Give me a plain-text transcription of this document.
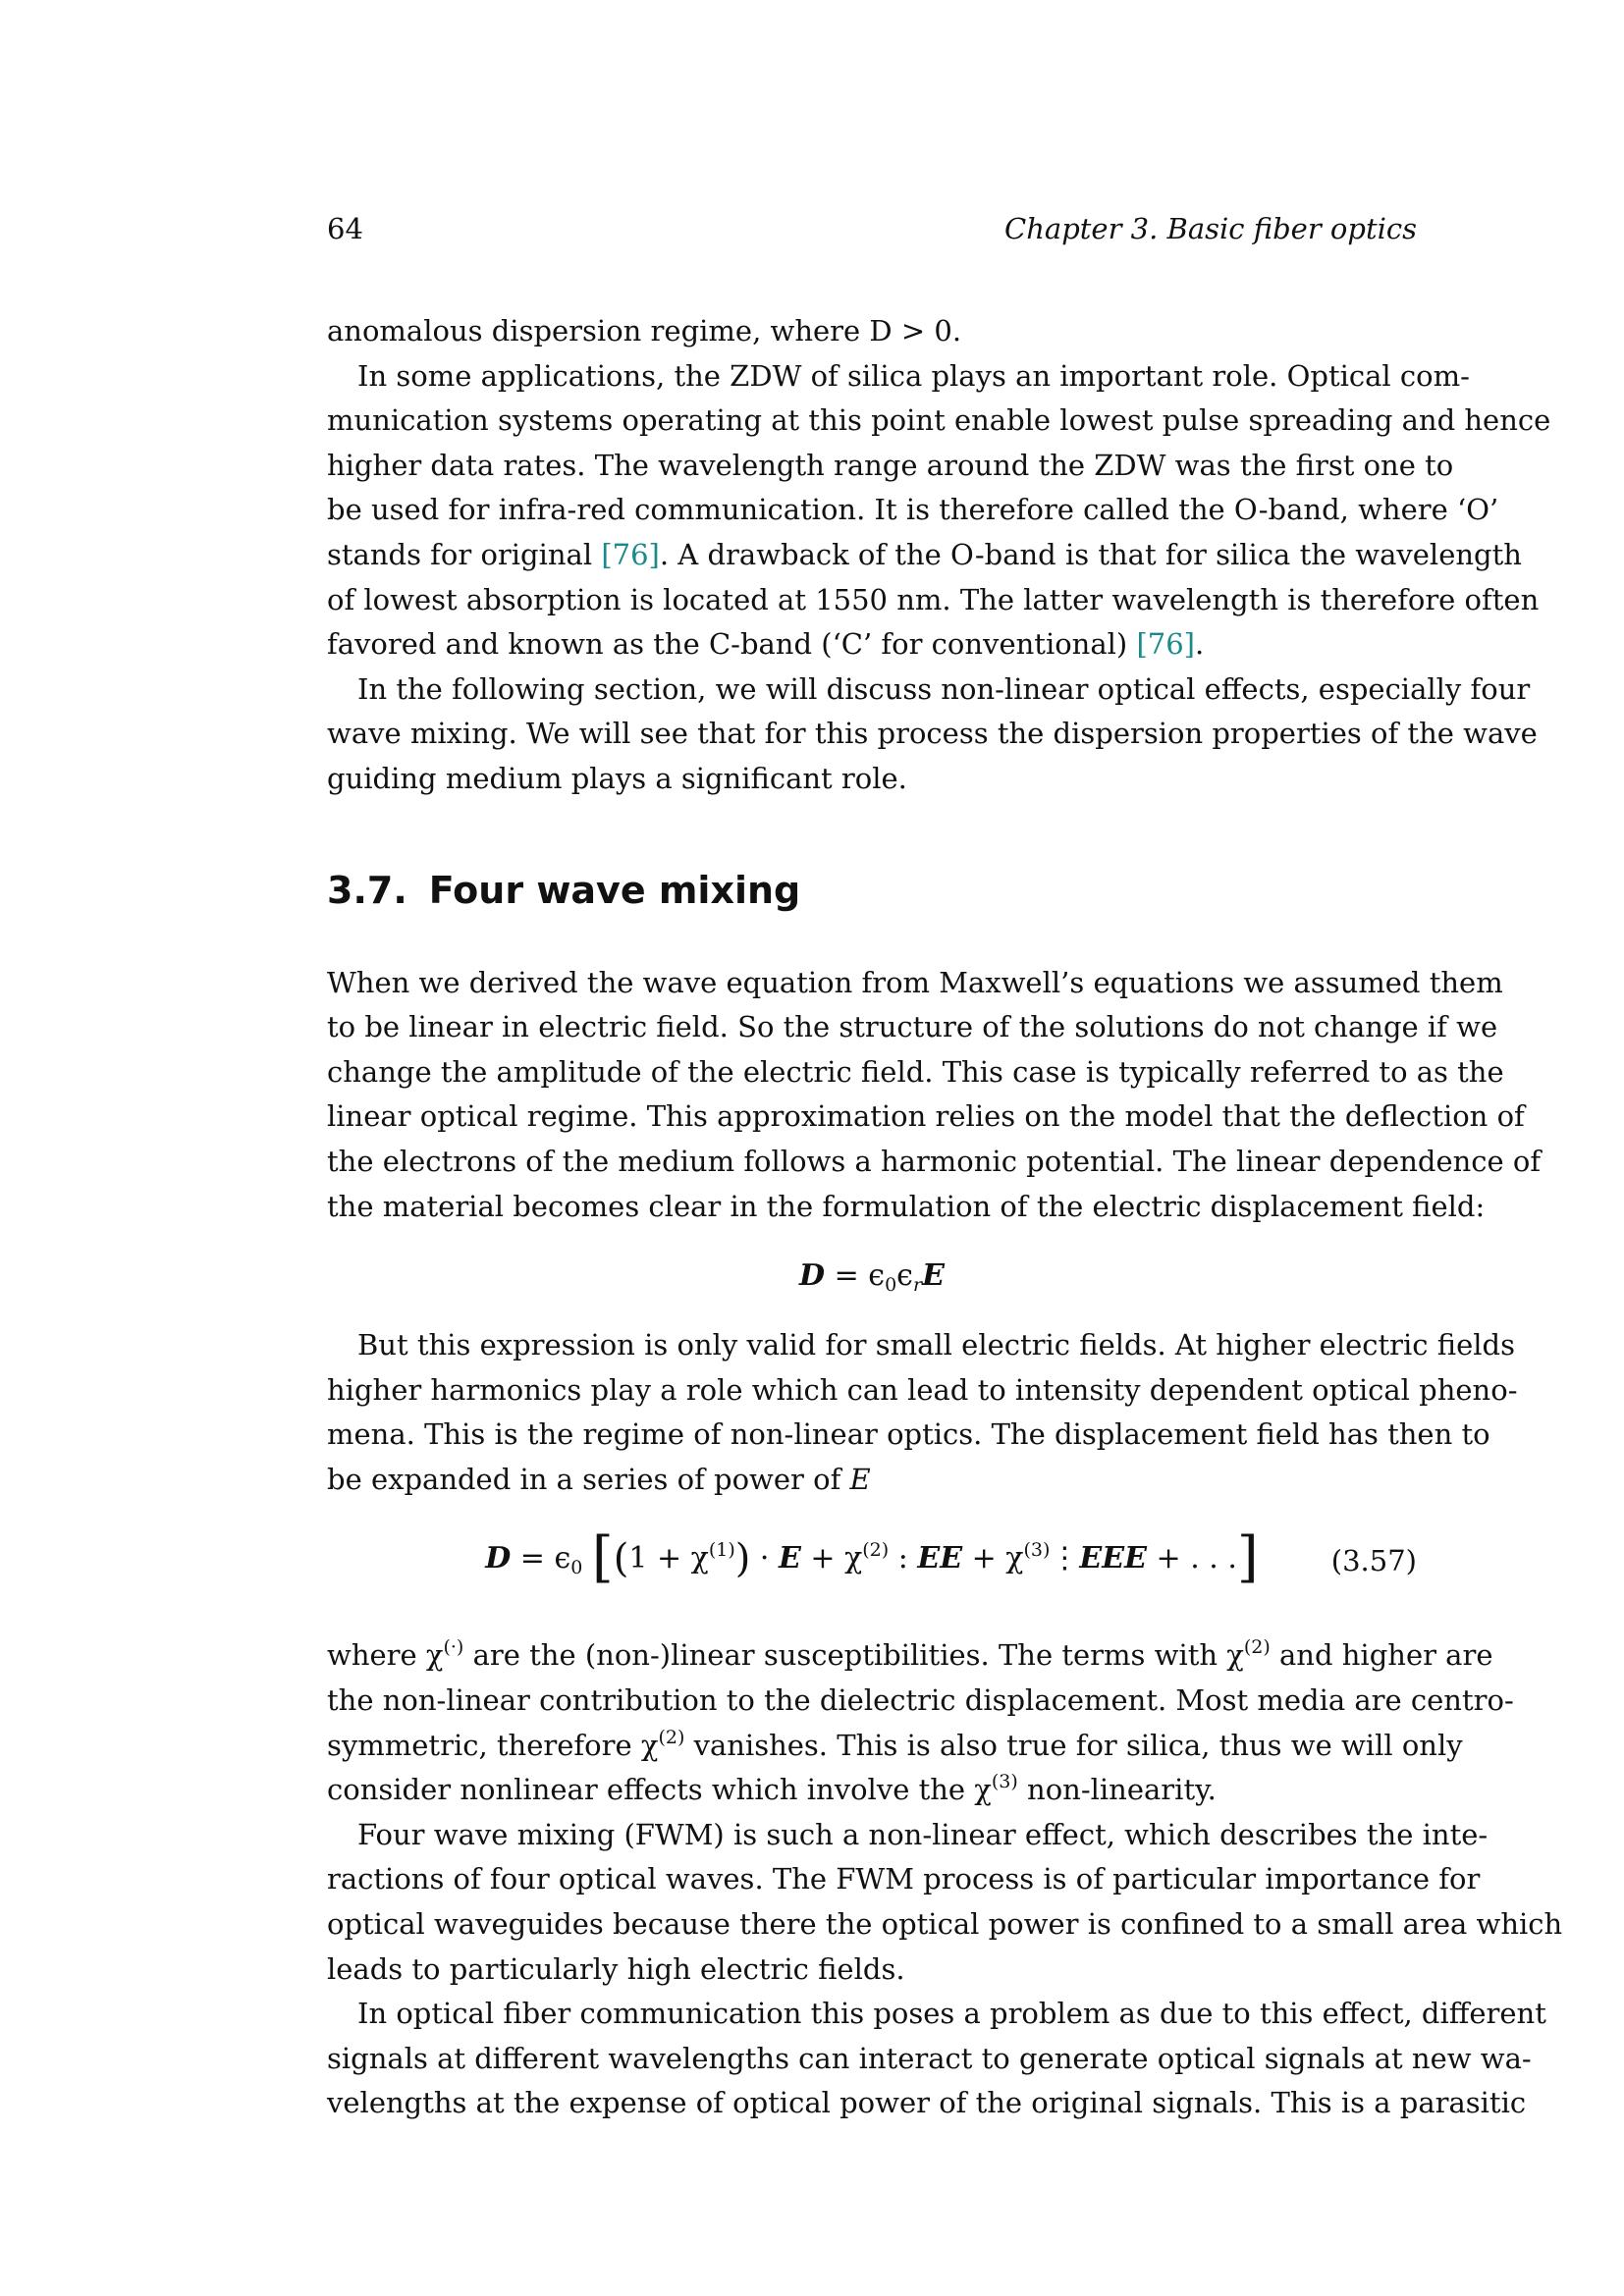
64	Chapter 3. Basic fiber optics
anomalous dispersion regime, where D > 0.
In some applications, the ZDW of silica plays an important role. Optical com-
munication systems operating at this point enable lowest pulse spreading and hence
higher data rates. The wavelength range around the ZDW was the first one to
be used for infra-red communication. It is therefore called the O-band, where ‘O’
stands for original [76]. A drawback of the O-band is that for silica the wavelength
of lowest absorption is located at 1550 nm. The latter wavelength is therefore often
favored and known as the C-band (‘C’ for conventional) [76].
In the following section, we will discuss non-linear optical effects, especially four
wave mixing. We will see that for this process the dispersion properties of the wave
guiding medium plays a significant role.
3.7. Four wave mixing
When we derived the wave equation from Maxwell’s equations we assumed them
to be linear in electric field. So the structure of the solutions do not change if we
change the amplitude of the electric field. This case is typically referred to as the
linear optical regime. This approximation relies on the model that the deflection of
the electrons of the medium follows a harmonic potential. The linear dependence of
the material becomes clear in the formulation of the electric displacement field:
$D = \epsilon_0\epsilon_rE$
But this expression is only valid for small electric fields. At higher electric fields
higher harmonics play a role which can lead to intensity dependent optical pheno-
mena. This is the regime of non-linear optics. The displacement field has then to
be expanded in a series of power of E
$D = \epsilon_0$ [$(1 + \chi^{(1)}) \cdot E + \chi^{(2)}$ : EE + $\chi^{(3)}⋮EEE$ + . . .]	(3.57)
where χ(·) are the (non-)linear susceptibilities. The terms with $\chi^{(2)}$ and higher are
the non-linear contribution to the dielectric displacement. Most media are centro-
symmetric, therefore $\chi^{(2)}$ vanishes. This is also true for silica, thus we will only
consider nonlinear effects which involve the $\chi^{(3)}$ non-linearity.
Four wave mixing (FWM) is such a non-linear effect, which describes the inte-
ractions of four optical waves. The FWM process is of particular importance for
optical waveguides because there the optical power is confined to a small area which
leads to particularly high electric fields.
In optical fiber communication this poses a problem as due to this effect, different
signals at different wavelengths can interact to generate optical signals at new wa-
velengths at the expense of optical power of the original signals. This is a parasitic
